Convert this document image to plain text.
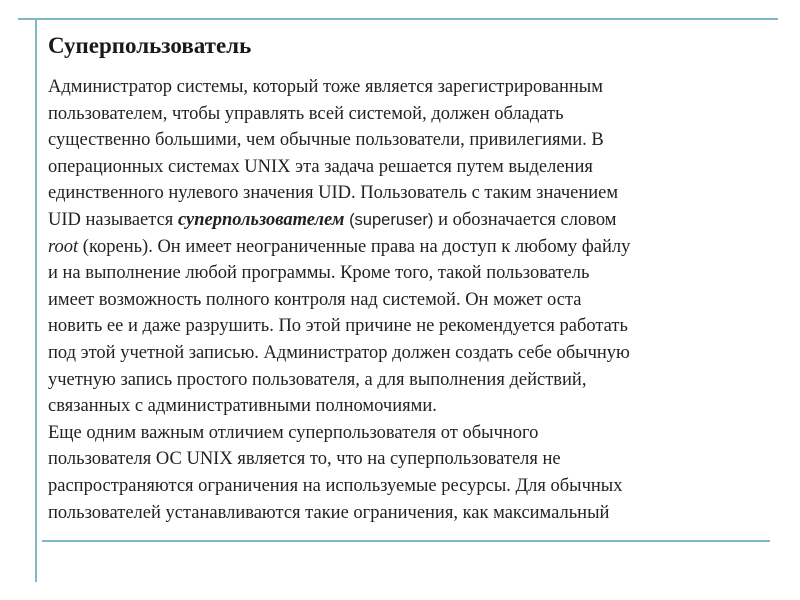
Суперпользователь

Администратор системы, который тоже является зарегистрированным

пользователем, чтобы управлять всей системой, должен обладать

существенно большими, чем обычные пользователи, привилегиями. В

операционных системах UNIX эта задача решается путем выделения

единственного нулевого значения UID. Пользователь с таким значением

UID называется суперпользователем (superuser) и обозначается словом

root (корень). Он имеет неограниченные права на доступ к любому файлу

и на выполнение любой программы. Кроме того, такой пользователь

имеет возможность полного контроля над системой. Он может оста

новить ее и даже разрушить. По этой причине не рекомендуется работать

под этой учетной записью. Администратор должен создать себе обычную

учетную запись простого пользователя, а для выполнения действий,

связанных с административными полномочиями.

Еще одним важным отличием суперпользователя от обычного

пользователя ОС UNIX является то, что на суперпользователя не

распространяются ограничения на используемые ресурсы. Для обычных

пользователей устанавливаются такие ограничения, как максимальный
